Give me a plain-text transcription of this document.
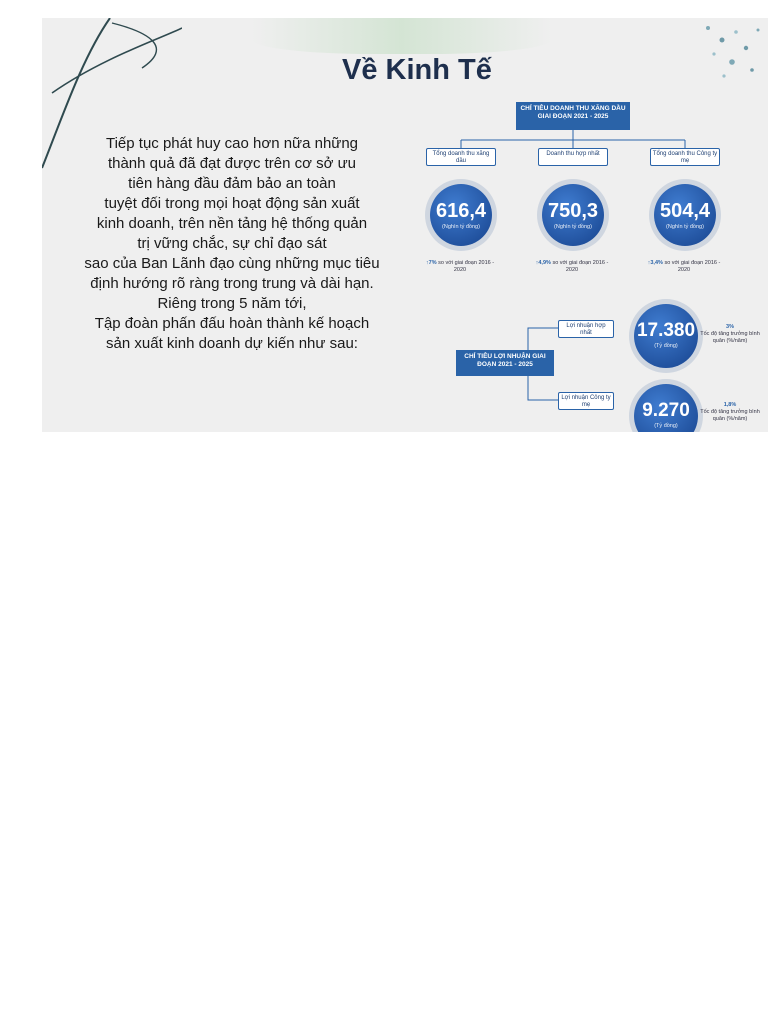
Về Kinh Tế

Tiếp tục phát huy cao hơn nữa những
thành quả đã đạt được trên cơ sở ưu
tiên hàng đầu đảm bảo an toàn
tuyệt đối trong mọi hoạt động sản xuất
kinh doanh, trên nền tảng hệ thống quản
trị vững chắc, sự chỉ đạo sát
sao của Ban Lãnh đạo cùng những mục tiêu
định hướng rõ ràng trong trung và dài hạn.
Riêng trong 5 năm tới,
Tập đoàn phấn đấu hoàn thành kế hoạch
sản xuất kinh doanh dự kiến như sau:

CHỈ TIÊU DOANH THU XĂNG DẦU GIAI ĐOẠN 2021 - 2025
Tổng doanh thu xăng dầu
Doanh thu hợp nhất	Tổng doanh thu Công ty mẹ
616,4
(Nghìn tỷ đồng)
750,3
(Nghìn tỷ đồng)
504,4
(Nghìn tỷ đồng)
↑7% so với giai đoạn 2016 - 2020
↑4,9% so với giai đoạn 2016 - 2020
↑3,4% so với giai đoạn 2016 - 2020
CHỈ TIÊU LỢI NHUẬN GIAI ĐOẠN 2021 - 2025
Lợi nhuận hợp nhất
Lợi nhuận Công ty mẹ
17.380
(Tỷ đồng)
9.270
(Tỷ đồng)
3%
Tốc độ tăng trưởng bình quân (%/năm)
1,8%
Tốc độ tăng trưởng bình quân (%/năm)
